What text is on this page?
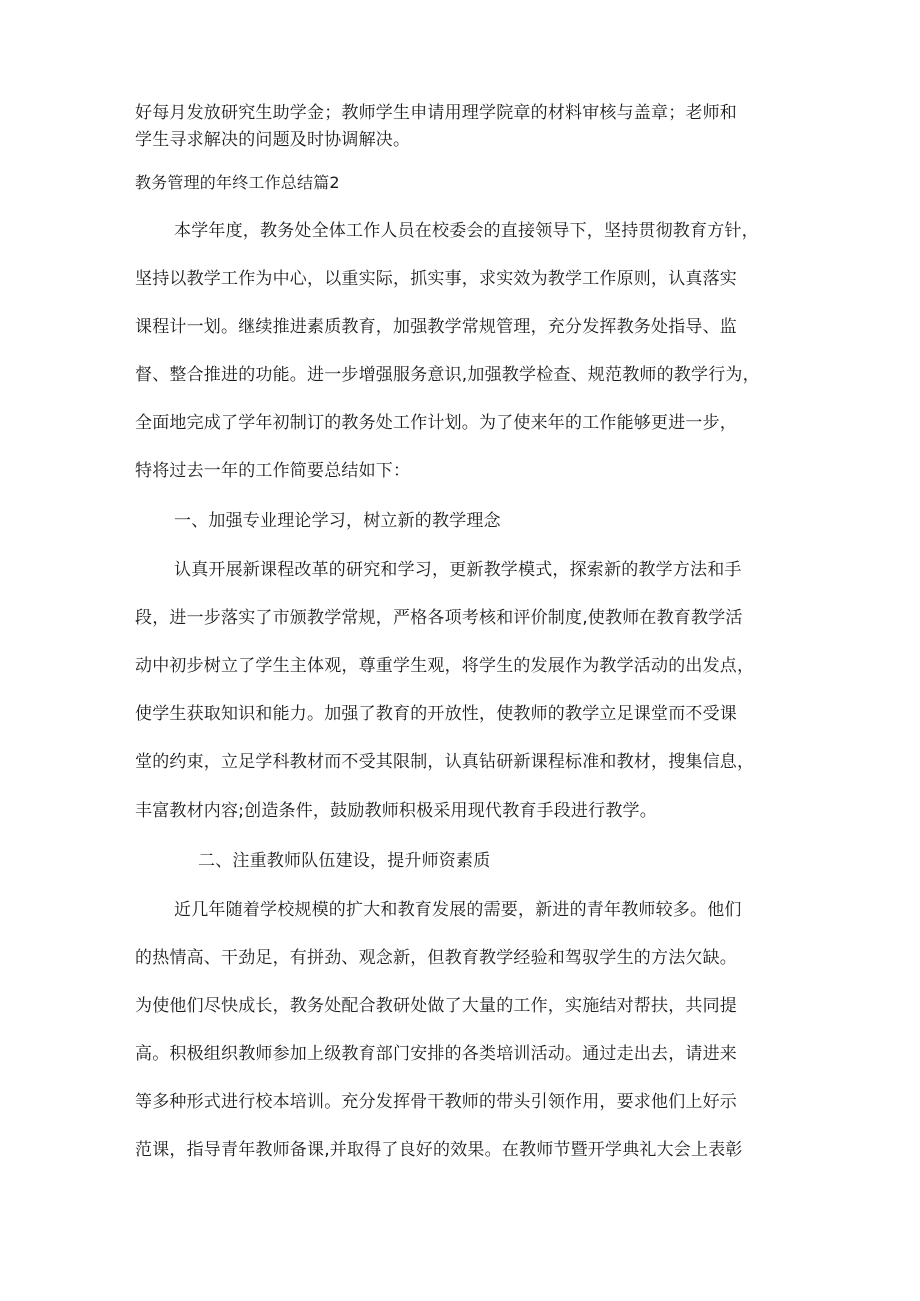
好每月发放研究生助学金；教师学生申请用理学院章的材料审核与盖章；老师和
学生寻求解决的问题及时协调解决。
教务管理的年终工作总结篇2
本学年度，教务处全体工作人员在校委会的直接领导下，坚持贯彻教育方针，
坚持以教学工作为中心，以重实际，抓实事，求实效为教学工作原则，认真落实
课程计一划。继续推进素质教育，加强教学常规管理，充分发挥教务处指导、监
督、整合推进的功能。进一步增强服务意识,加强教学检查、规范教师的教学行为，
全面地完成了学年初制订的教务处工作计划。为了使来年的工作能够更进一步，
特将过去一年的工作简要总结如下：
一、加强专业理论学习，树立新的教学理念
认真开展新课程改革的研究和学习，更新教学模式，探索新的教学方法和手
段，进一步落实了市颁教学常规，严格各项考核和评价制度,使教师在教育教学活
动中初步树立了学生主体观，尊重学生观，将学生的发展作为教学活动的出发点，
使学生获取知识和能力。加强了教育的开放性，使教师的教学立足课堂而不受课
堂的约束，立足学科教材而不受其限制，认真钻研新课程标准和教材，搜集信息，
丰富教材内容;创造条件，鼓励教师积极采用现代教育手段进行教学。
二、注重教师队伍建设，提升师资素质
近几年随着学校规模的扩大和教育发展的需要，新进的青年教师较多。他们
的热情高、干劲足，有拼劲、观念新，但教育教学经验和驾驭学生的方法欠缺。
为使他们尽快成长，教务处配合教研处做了大量的工作，实施结对帮扶，共同提
高。积极组织教师参加上级教育部门安排的各类培训活动。通过走出去，请进来
等多种形式进行校本培训。充分发挥骨干教师的带头引领作用，要求他们上好示
范课，指导青年教师备课,并取得了良好的效果。在教师节暨开学典礼大会上表彰
